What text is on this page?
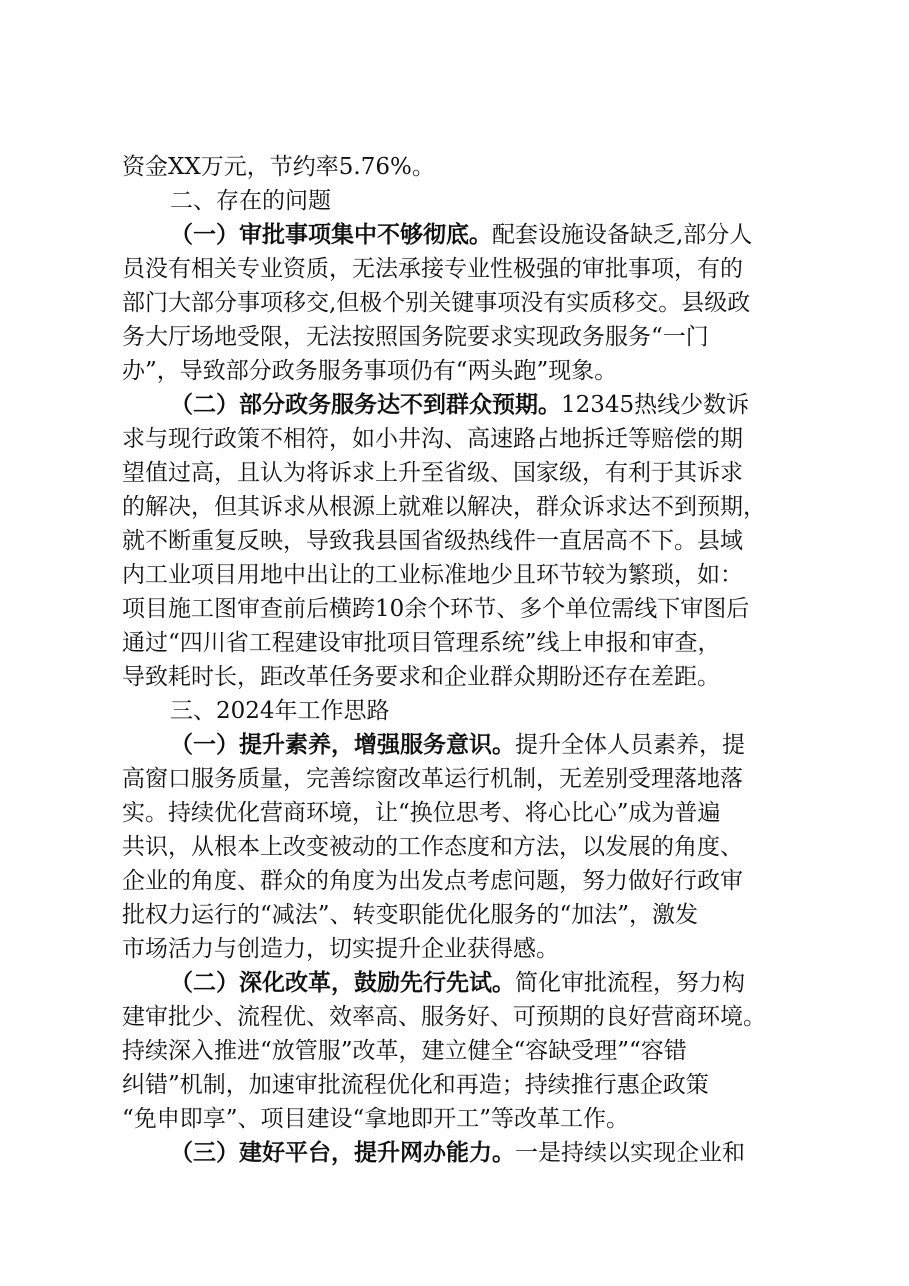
资金XX万元，节约率5.76%。
二、存在的问题
（一）审批事项集中不够彻底。配套设施设备缺乏,部分人
员没有相关专业资质，无法承接专业性极强的审批事项，有的
部门大部分事项移交,但极个别关键事项没有实质移交。县级政
务大厅场地受限，无法按照国务院要求实现政务服务“一门
办”，导致部分政务服务事项仍有“两头跑”现象。
（二）部分政务服务达不到群众预期。12345热线少数诉
求与现行政策不相符，如小井沟、高速路占地拆迁等赔偿的期
望值过高，且认为将诉求上升至省级、国家级，有利于其诉求
的解决，但其诉求从根源上就难以解决，群众诉求达不到预期，
就不断重复反映，导致我县国省级热线件一直居高不下。县域
内工业项目用地中出让的工业标准地少且环节较为繁琐，如：
项目施工图审查前后横跨10余个环节、多个单位需线下审图后
通过“四川省工程建设审批项目管理系统”线上申报和审查，
导致耗时长，距改革任务要求和企业群众期盼还存在差距。
三、2024年工作思路
（一）提升素养，增强服务意识。提升全体人员素养，提
高窗口服务质量，完善综窗改革运行机制，无差别受理落地落
实。持续优化营商环境，让“换位思考、将心比心”成为普遍
共识，从根本上改变被动的工作态度和方法，以发展的角度、
企业的角度、群众的角度为出发点考虑问题，努力做好行政审
批权力运行的“减法”、转变职能优化服务的“加法”，激发
市场活力与创造力，切实提升企业获得感。
（二）深化改革，鼓励先行先试。简化审批流程，努力构
建审批少、流程优、效率高、服务好、可预期的良好营商环境。
持续深入推进“放管服”改革，建立健全“容缺受理”“容错
纠错”机制，加速审批流程优化和再造；持续推行惠企政策
“免申即享”、项目建设“拿地即开工”等改革工作。
（三）建好平台，提升网办能力。一是持续以实现企业和
